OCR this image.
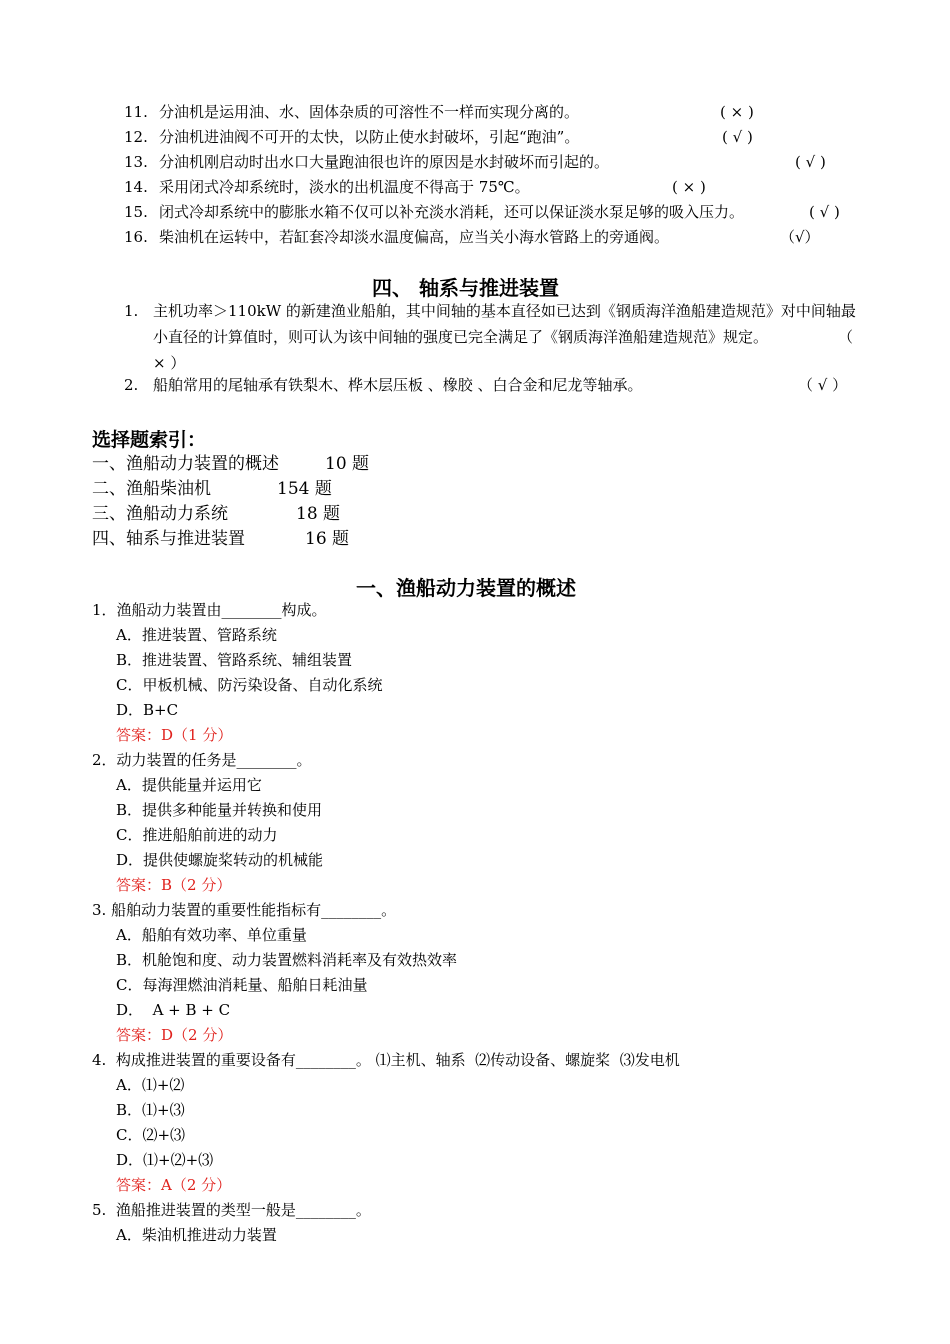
11. 分油机是运用油、水、固体杂质的可溶性不一样而实现分离的。	( × )
12. 分油机进油阀不可开的太快，以防止使水封破坏，引起“跑油”。	( √ )
13. 分油机刚启动时出水口大量跑油很也许的原因是水封破坏而引起的。	( √ )
14. 采用闭式冷却系统时，淡水的出机温度不得高于 75℃。	( × )
15. 闭式冷却系统中的膨胀水箱不仅可以补充淡水消耗，还可以保证淡水泵足够的吸入压力。	( √ )
16. 柴油机在运转中，若缸套冷却淡水温度偏高，应当关小海水管路上的旁通阀。	（√）
四、 轴系与推进装置
1. 主机功率＞110kW 的新建渔业船舶，其中间轴的基本直径如已达到《钢质海洋渔船建造规范》对中间轴最小直径的计算值时，则可认为该中间轴的强度已完全满足了《钢质海洋渔船建造规范》规定。	（ × ）
2. 船舶常用的尾轴承有铁梨木、桦木层压板 、橡胶 、白合金和尼龙等轴承。	（ √ ）
选择题索引：
一、渔船动力装置的概述	10 题
二、渔船柴油机	154 题
三、渔船动力系统	18 题
四、轴系与推进装置	16 题
一、渔船动力装置的概述
1．渔船动力装置由________构成。
A．推进装置、管路系统
B．推进装置、管路系统、辅组装置
C．甲板机械、防污染设备、自动化系统
D．B+C
答案：D（1 分）
2．动力装置的任务是________。
A．提供能量并运用它
B．提供多种能量并转换和使用
C．推进船舶前进的动力
D．提供使螺旋桨转动的机械能
答案：B（2 分）
3. 船舶动力装置的重要性能指标有________。
A．船舶有效功率、单位重量
B．机舱饱和度、动力装置燃料消耗率及有效热效率
C．每海浬燃油消耗量、船舶日耗油量
D．  A + B + C
答案：D（2 分）
4.  构成推进装置的重要设备有________。 ⑴主机、轴系  ⑵传动设备、螺旋桨  ⑶发电机
A．⑴+⑵
B．⑴+⑶
C．⑵+⑶
D．⑴+⑵+⑶
答案：A（2 分）
5.  渔船推进装置的类型一般是________。
A．柴油机推进动力装置
